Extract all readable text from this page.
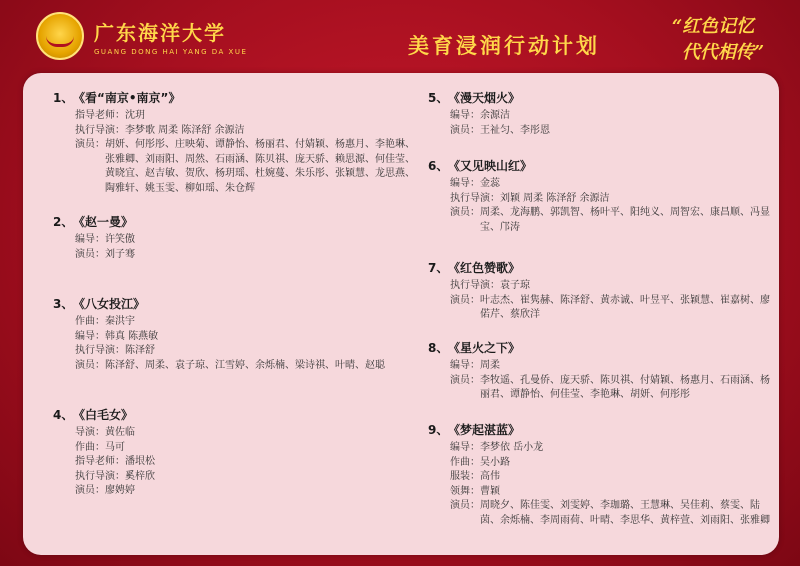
广东海洋大学
GUANG DONG HAI YANG DA XUE	美育浸润行动计划
“红色记忆
代代相传”
1、《看“南京•南京”》
指导老师： 沈玥
执行导演： 李梦歌 周柔 陈泽舒 余源洁
演员： 胡妍、何彤彤、庄映菊、谭静怡、杨丽君、付婧颖、杨惠月、李艳琳、张雅卿、刘雨阳、周然、石雨涵、陈贝祺、庞天骄、赖思源、何佳莹、黄晓宜、赵吉敏、贺欣、杨玥瑶、杜婉蔓、朱乐彤、张颖慧、龙思燕、陶雅轩、姚玉雯、柳如瑶、朱仓辉
2、《赵一曼》
编导： 许笑傲
演员： 刘子骞
3、《八女投江》
作曲： 秦洪宇
编导： 韩真 陈燕敏
执行导演： 陈泽舒
演员： 陈泽舒、周柔、袁子琼、江雪婷、余烁楠、梁诗祺、叶晴、赵聪
4、《白毛女》
导演： 黄佐临
作曲： 马可
指导老师： 潘垠松
执行导演： 奚梓欣
演员： 廖娉婷
5、《漫天烟火》
编导： 余源洁
演员： 王祉匀、李彤恩
6、《又见映山红》
编导： 金蕊
执行导演： 刘颖 周柔 陈泽舒 余源洁
演员： 周柔、龙海鹏、郭凯智、杨叶平、阳纯义、周智宏、康昌顺、冯显宝、邝涛
7、《红色赞歌》
执行导演： 袁子琼
演员： 叶志杰、崔隽赫、陈泽舒、黄赤诚、叶昱平、张颖慧、崔嘉树、廖偌芹、蔡欣洋
8、《星火之下》
编导： 周柔
演员： 李牧遥、孔曼侨、庞天骄、陈贝祺、付婧颖、杨惠月、石雨涵、杨丽君、谭静怡、何佳莹、李艳琳、胡妍、何彤彤
9、《梦起湛蓝》
编导： 李梦依 岳小龙
作曲： 吴小路
服装： 高伟
领舞： 曹颖
演员： 周晓夕、陈佳雯、刘雯婷、李珈璐、王慧琳、吴佳莉、蔡雯、陆茵、余烁楠、李周雨荷、叶晴、李思华、黄梓萱、刘雨阳、张雅卿
